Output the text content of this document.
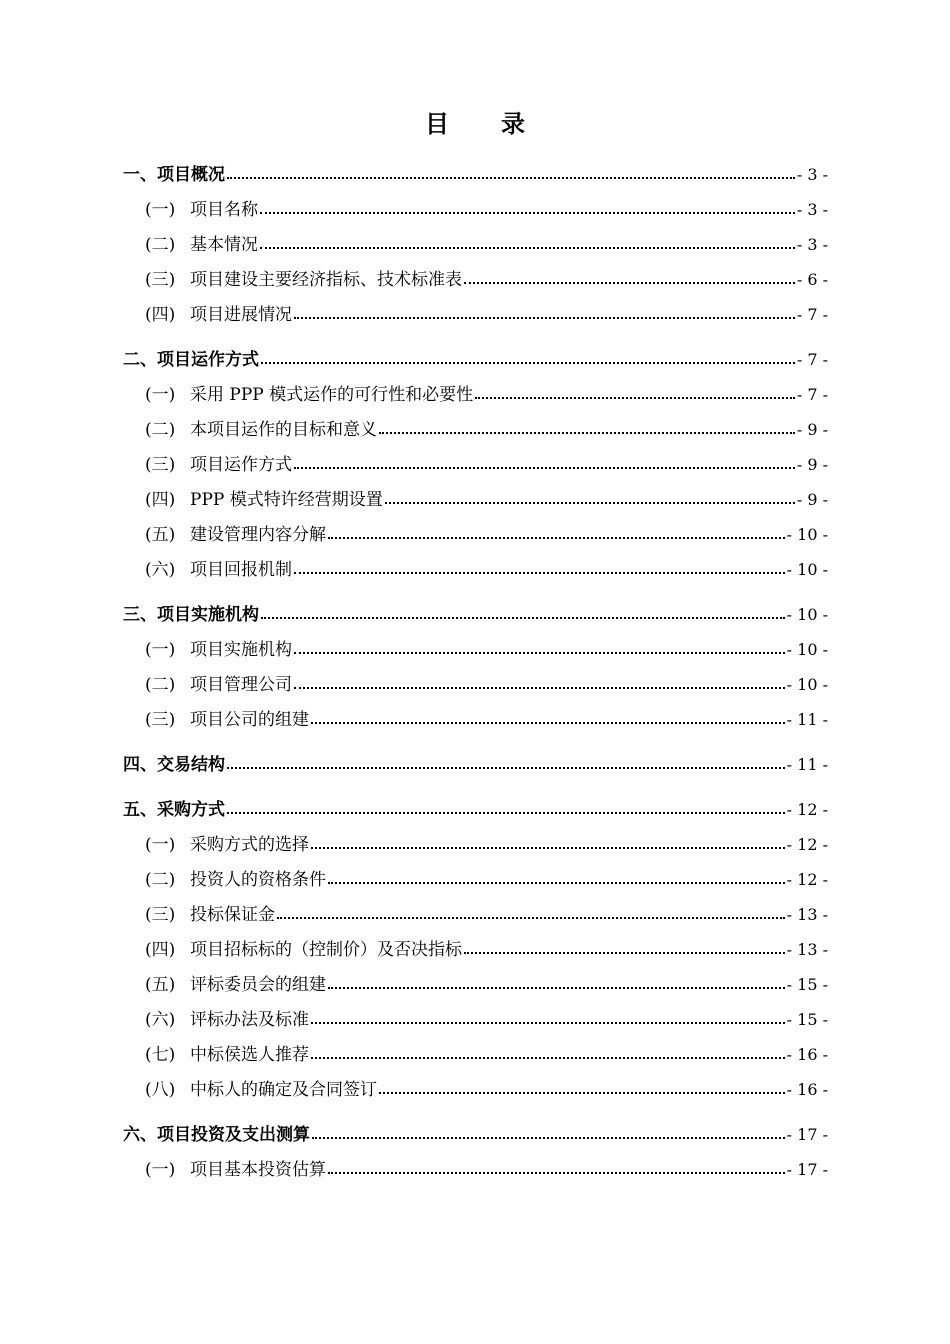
目 录
一、项目概况	- 3 -
(一) 项目名称	- 3 -
(二) 基本情况	- 3 -
(三) 项目建设主要经济指标、技术标准表	- 6 -
(四) 项目进展情况	- 7 -
二、项目运作方式	- 7 -
(一) 采用 PPP 模式运作的可行性和必要性	- 7 -
(二) 本项目运作的目标和意义	- 9 -
(三) 项目运作方式	- 9 -
(四) PPP 模式特许经营期设置	- 9 -
(五) 建设管理内容分解	- 10 -
(六) 项目回报机制	- 10 -
三、项目实施机构	- 10 -
(一) 项目实施机构	- 10 -
(二) 项目管理公司	- 10 -
(三) 项目公司的组建	- 11 -
四、交易结构	- 11 -
五、采购方式	- 12 -
(一) 采购方式的选择	- 12 -
(二) 投资人的资格条件	- 12 -
(三) 投标保证金	- 13 -
(四) 项目招标标的（控制价）及否决指标	- 13 -
(五) 评标委员会的组建	- 15 -
(六) 评标办法及标准	- 15 -
(七) 中标侯选人推荐	- 16 -
(八) 中标人的确定及合同签订	- 16 -
六、项目投资及支出测算	- 17 -
(一) 项目基本投资估算	- 17 -
